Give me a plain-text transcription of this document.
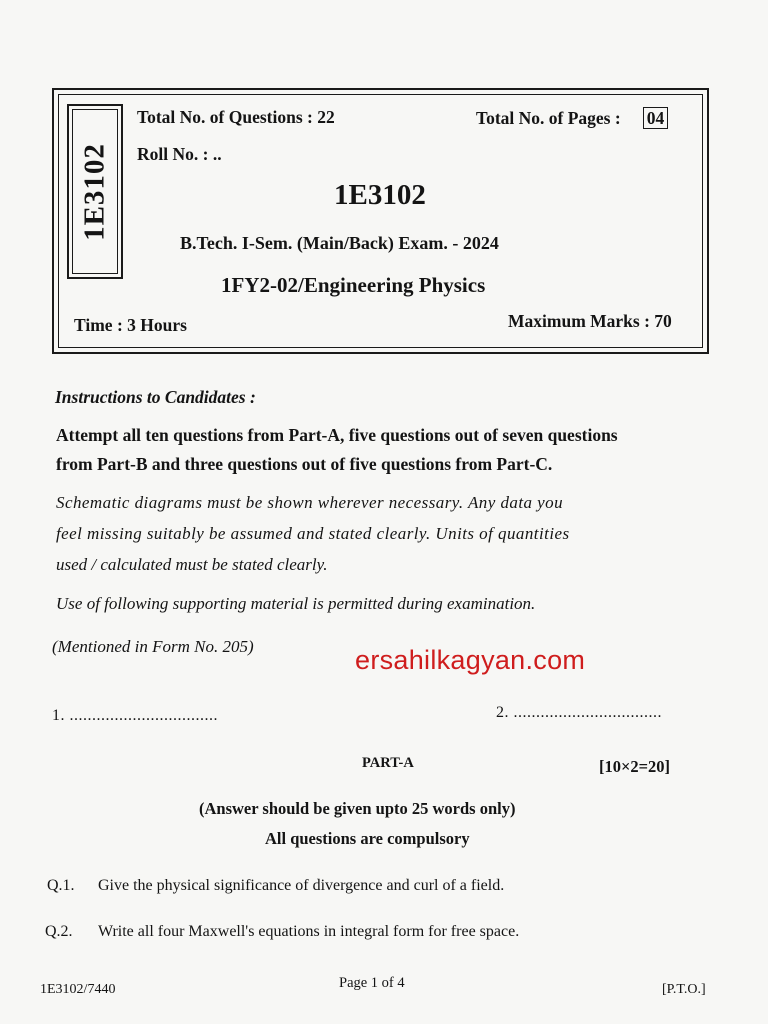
1E3102
Total No. of Questions : 22	Total No. of Pages : 04
Roll No. : ..
1E3102
B.Tech. I-Sem. (Main/Back) Exam. - 2024
1FY2-02/Engineering Physics
Time : 3 Hours	Maximum Marks : 70
Instructions to Candidates :
Attempt all ten questions from Part-A, five questions out of seven questions
from Part-B and three questions out of five questions from Part-C.
Schematic diagrams must be shown wherever necessary. Any data you
feel missing suitably be assumed and stated clearly. Units of quantities
used / calculated must be stated clearly.
Use of following supporting material is permitted during examination.
(Mentioned in Form No. 205)	ersahilkagyan.com
1. .................................	2. .................................
PART-A	[10×2=20]
(Answer should be given upto 25 words only)
All questions are compulsory
Q.1. Give the physical significance of divergence and curl of a field.
Q.2. Write all four Maxwell's equations in integral form for free space.
1E3102/7440	Page 1 of 4	[P.T.O.]
